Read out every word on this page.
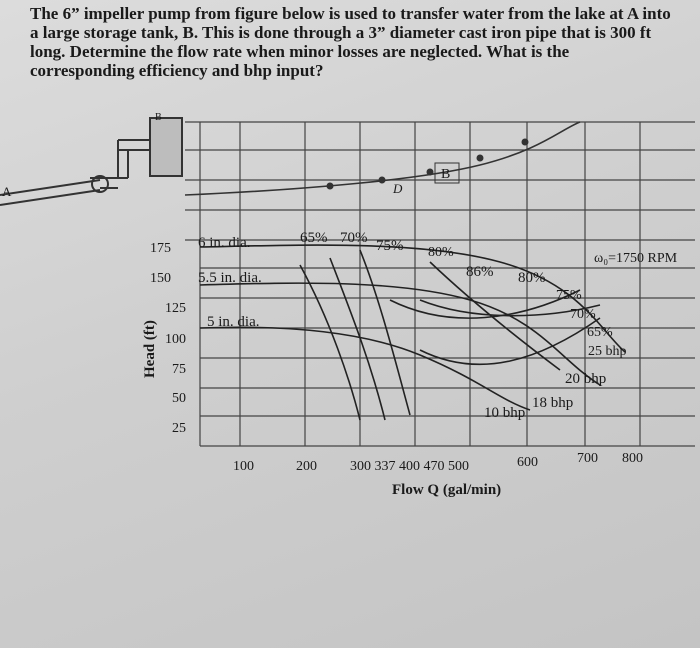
The 6” impeller pump from figure below is used to transfer water from the lake at A into
a large storage tank, B. This is done through a 3” diameter cast iron pipe that is 300 ft
long. Determine the flow rate when minor losses are neglected. What is the
corresponding efficiency and bhp input?
A
B
B
D
175
150
125
100
75
50
25
100	200 300 337 400 470 500	600	700 800
Flow Q (gal/min)
Head (ft)
6 in. dia.
5.5 in. dia.
5 in. dia.
ω₀=1750 RPM
65% 70% 75% 80%
86% 80%
75%
70%
65%
25 bhp
20 bhp
18 bhp
10 bhp
